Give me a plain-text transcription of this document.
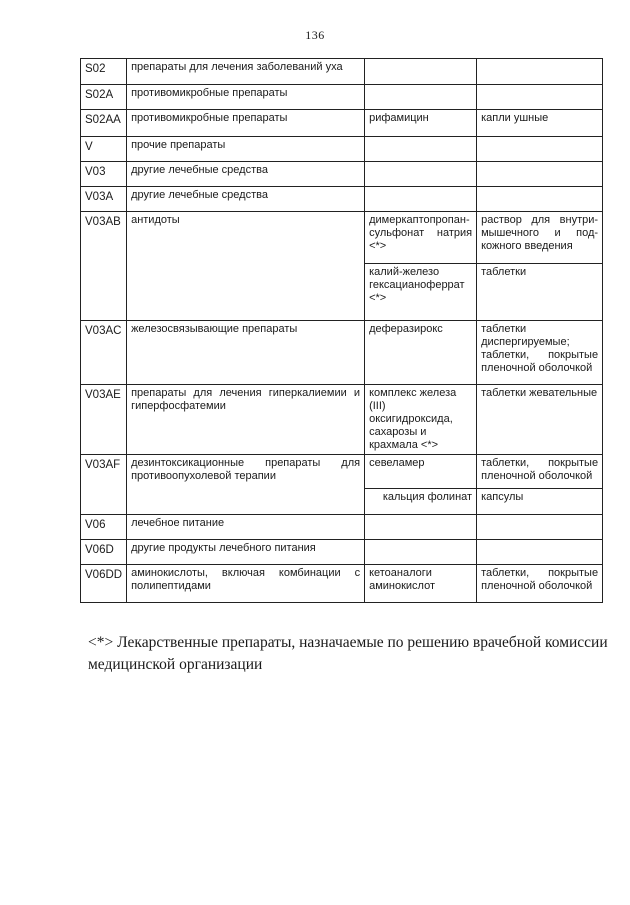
136
S02	препараты для лечения заболеваний уха		
S02A	противомикробные препараты		
S02AA	противомикробные препараты	рифамицин	капли ушные
V	прочие препараты		
V03	другие лечебные средства		
V03A	другие лечебные средства		
V03AB	антидоты	димеркаптопропан-сульфонат натрия <*>	раствор для внутри-мышечного и под-кожного введения
		калий-железо гексацианоферрат <*>	таблетки
V03AC	железосвязывающие препараты	деферазирокс	таблетки диспергируемые; таблетки, покрытые пленочной оболочкой
V03AE	препараты для лечения гиперкалиемии и гиперфосфатемии	комплекс железа (III) оксигидроксида, сахарозы и крахмала <*>	таблетки жевательные
V03AF	дезинтоксикационные препараты для противоопухолевой терапии	севеламер	таблетки, покрытые пленочной оболочкой
		кальция фолинат	капсулы
V06	лечебное питание		
V06D	другие продукты лечебного питания		
V06DD	аминокислоты, включая комбинации с полипептидами	кетоаналоги аминокислот	таблетки, покрытые пленочной оболочкой
<*> Лекарственные препараты, назначаемые по решению врачебной комиссии медицинской организации
